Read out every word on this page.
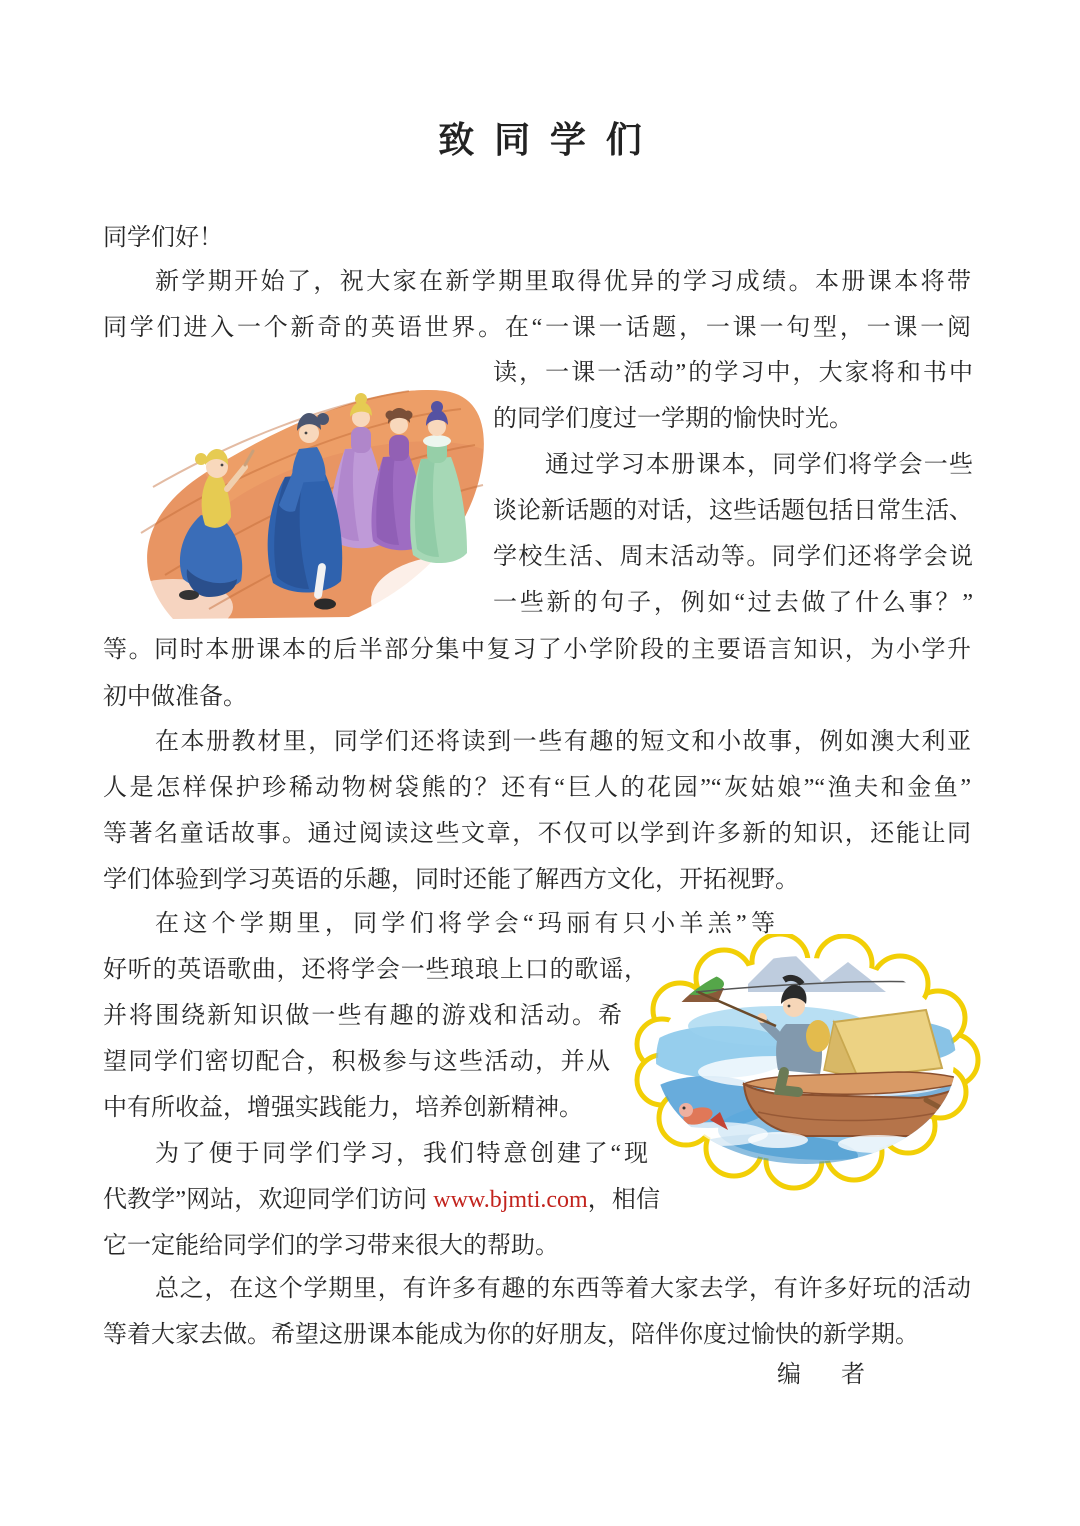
致同学们
同学们好！
新学期开始了，祝大家在新学期里取得优异的学习成绩。本册课本将带
同学们进入一个新奇的英语世界。在“一课一话题，一课一句型，一课一阅
读，一课一活动”的学习中，大家将和书中
的同学们度过一学期的愉快时光。
通过学习本册课本，同学们将学会一些
谈论新话题的对话，这些话题包括日常生活、
学校生活、周末活动等。同学们还将学会说
一些新的句子，例如“过去做了什么事？”
等。同时本册课本的后半部分集中复习了小学阶段的主要语言知识，为小学升
初中做准备。
在本册教材里，同学们还将读到一些有趣的短文和小故事，例如澳大利亚
人是怎样保护珍稀动物树袋熊的？还有“巨人的花园”“灰姑娘”“渔夫和金鱼”
等著名童话故事。通过阅读这些文章，不仅可以学到许多新的知识，还能让同
学们体验到学习英语的乐趣，同时还能了解西方文化，开拓视野。
在这个学期里，同学们将学会“玛丽有只小羊羔”等
好听的英语歌曲，还将学会一些琅琅上口的歌谣，
并将围绕新知识做一些有趣的游戏和活动。希
望同学们密切配合，积极参与这些活动，并从
中有所收益，增强实践能力，培养创新精神。
为了便于同学们学习，我们特意创建了“现
代教学”网站，欢迎同学们访问 www.bjmti.com，相信
它一定能给同学们的学习带来很大的帮助。
总之，在这个学期里，有许多有趣的东西等着大家去学，有许多好玩的活动
等着大家去做。希望这册课本能成为你的好朋友，陪伴你度过愉快的新学期。
编　者
